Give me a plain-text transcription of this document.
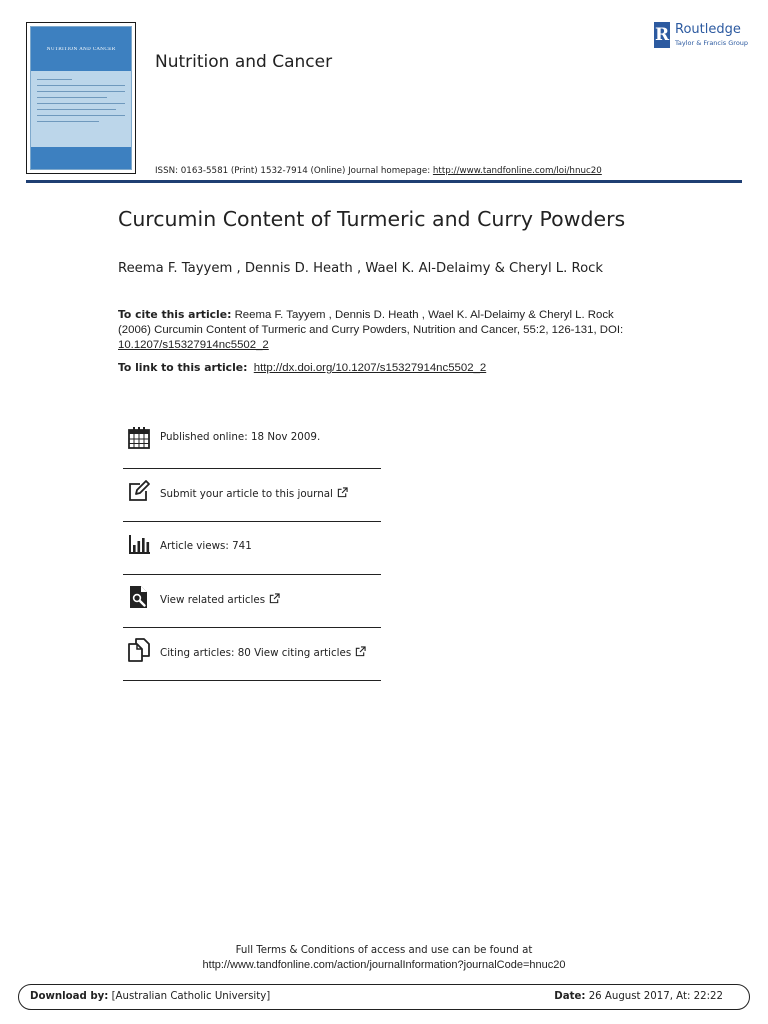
NUTRITION AND CANCER
Nutrition and Cancer
R Routledge
Taylor & Francis Group
ISSN: 0163-5581 (Print) 1532-7914 (Online) Journal homepage: http://www.tandfonline.com/loi/hnuc20
Curcumin Content of Turmeric and Curry Powders
Reema F. Tayyem , Dennis D. Heath , Wael K. Al-Delaimy & Cheryl L. Rock
To cite this article: Reema F. Tayyem , Dennis D. Heath , Wael K. Al-Delaimy & Cheryl L. Rock (2006) Curcumin Content of Turmeric and Curry Powders, Nutrition and Cancer, 55:2, 126-131, DOI: 10.1207/s15327914nc5502_2
To link to this article: http://dx.doi.org/10.1207/s15327914nc5502_2
Published online: 18 Nov 2009.
Submit your article to this journal
Article views: 741
View related articles
Citing articles: 80 View citing articles
Full Terms & Conditions of access and use can be found at
http://www.tandfonline.com/action/journalInformation?journalCode=hnuc20
Download by: [Australian Catholic University]	Date: 26 August 2017, At: 22:22
